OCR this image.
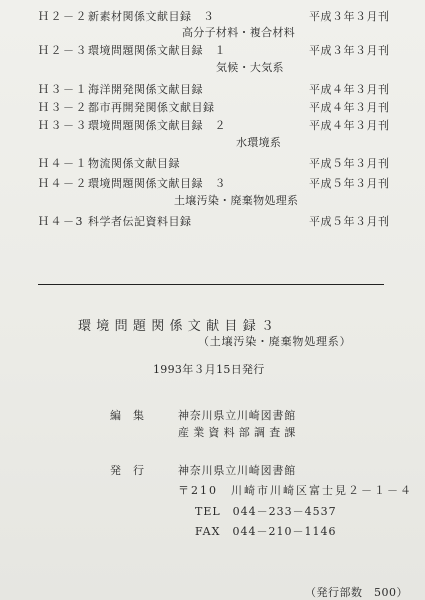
Ｈ２－２ 新素材関係文献目録　３	平成３年３月刊
高分子材料・複合材料
Ｈ２－３ 環境問題関係文献目録　１	平成３年３月刊
気候・大気系
Ｈ３－１ 海洋開発関係文献目録	平成４年３月刊
Ｈ３－２ 都市再開発関係文献目録	平成４年３月刊
Ｈ３－３ 環境問題関係文献目録　２	平成４年３月刊
水環境系
Ｈ４－１ 物流関係文献目録	平成５年３月刊
Ｈ４－２ 環境問題関係文献目録　３	平成５年３月刊
土壌汚染・廃棄物処理系
Ｈ４－3 科学者伝記資料目録	平成５年３月刊
環境問題関係文献目録３
（土壌汚染・廃棄物処理系）
1993年３月15日発行
編集 神奈川県立川崎図書館
産業資料部調査課
発行 神奈川県立川崎図書館
〒210　川崎市川崎区富士見２－１－４
TEL　044－233－4537
FAX　044－210－1146
（発行部数　500）
